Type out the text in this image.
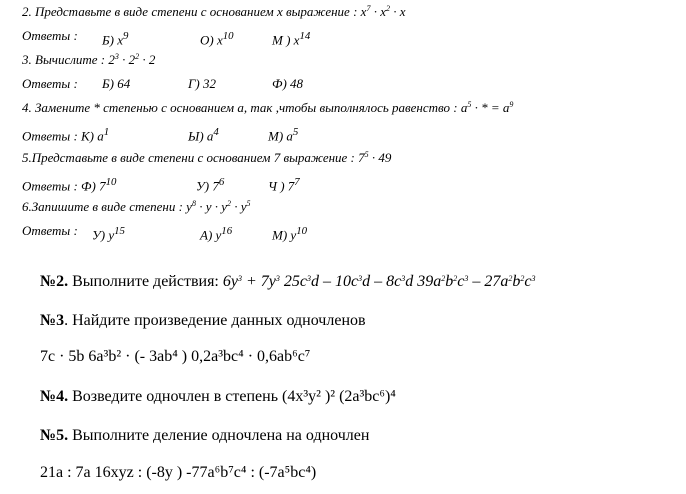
2. Представьте в виде степени с основанием x выражение : $x^7 \cdot x^2 \cdot x$
Ответы : Б) $x^9$	О) $x^{10}$	М ) $x^{14}$
3. Вычислите : $2^3 \cdot 2^2 \cdot 2$
Ответы : Б) 64	Г) 32	Ф) 48
4. Замените * степенью с основанием a, так ,чтобы выполнялось равенство : $a^5$ · * = $a^9$
Ответы : К) $a^1$	Ы) $a^4$	М) $a^5$
5.Представьте в виде степени с основанием 7 выражение : $7^5 \cdot 49$
Ответы : Ф) $7^{10}$	У) $7^6$	Ч ) $7^7$
6.Запишите в виде степени : $y^8 \cdot y \cdot y^2 \cdot y^5$
Ответы : У) $y^{15}$	А) $y^{16}$	М) $y^{10}$
№2. Выполните действия: $6y^3 + 7y^3$ $25c^3d - 10c^3d - 8c^3d$ $39a^2b^2c^3 - 27a^2b^2c^3$
№3. Найдите произведение данных одночленов
7c · 5b 6a³b² · (- 3ab⁴ ) 0,2a³bc⁴ · 0,6ab⁶c⁷
№4. Возведите одночлен в степень (4x³y² )² (2a³bc⁶)⁴
№5. Выполните деление одночлена на одночлен
21a : 7a 16xyz : (-8y ) -77a⁶b⁷c⁴ : (-7a⁵bc⁴)
